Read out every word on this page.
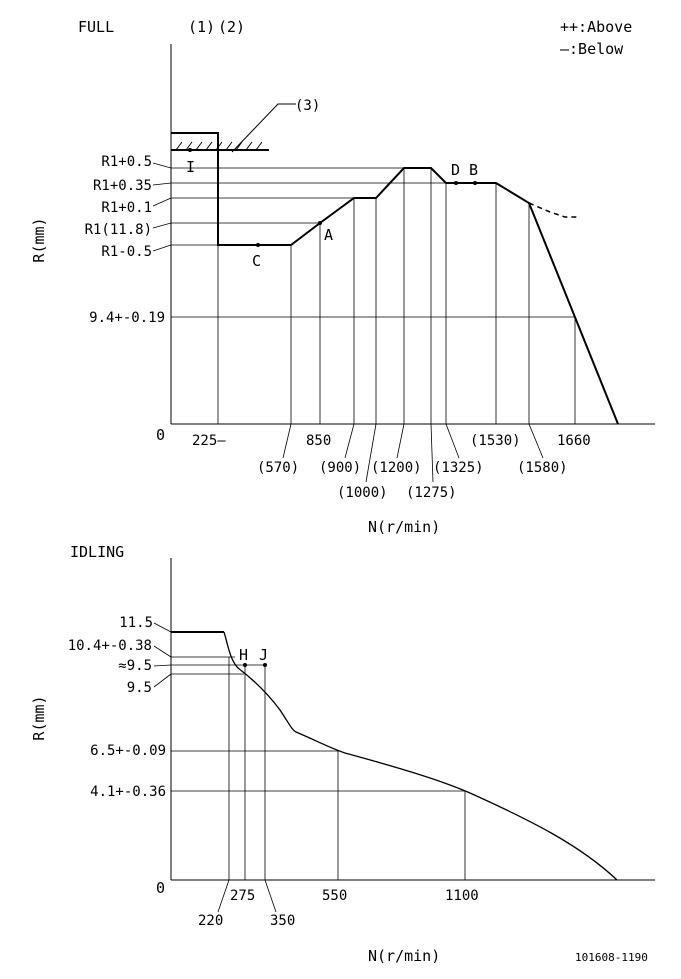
FULL	(1) (2)	++:Above
—:Below
(3)
I
A
C
D B
R1+0.5
R1+0.35
R1+0.1
R1(11.8)
R1-0.5
9.4+-0.19
0
R(mm)
225—
(570)
850
(900)
(1000)
(1200)
(1275)
(1325)
(1530)
(1580)
1660
N(r/min)
IDLING
H J
11.5
10.4+-0.38
≈9.5
9.5
6.5+-0.09
4.1+-0.36
0
R(mm)
220
275
350
550	1100
N(r/min)	101608-1190
